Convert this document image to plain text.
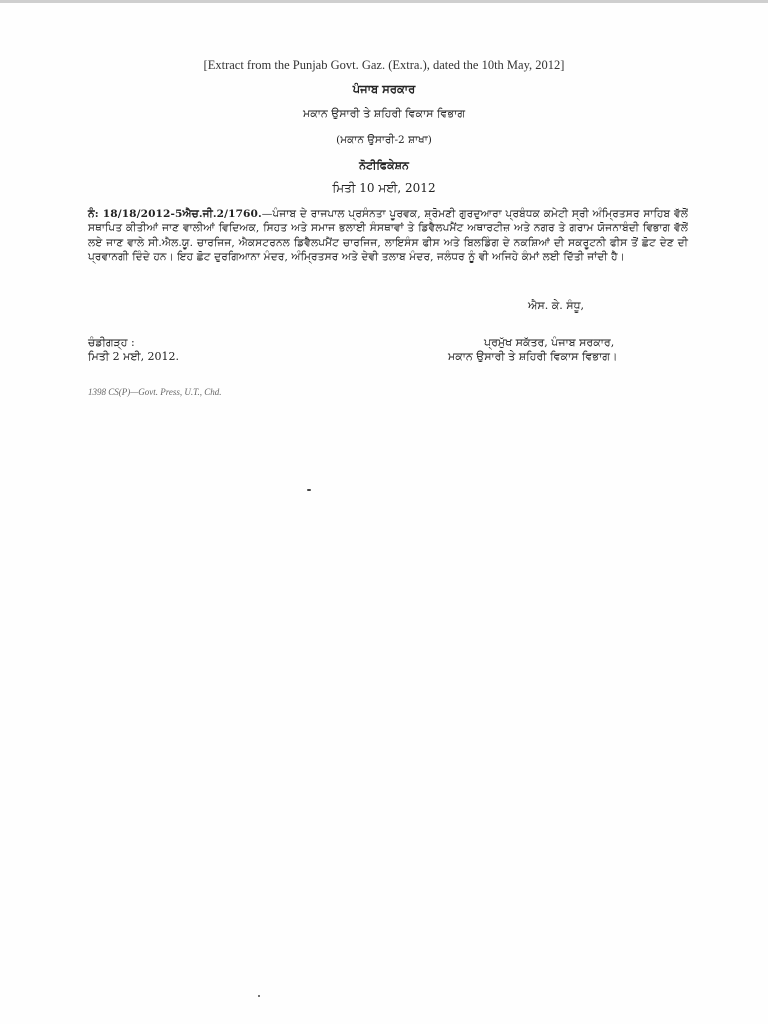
[Extract from the Punjab Govt. Gaz. (Extra.), dated the 10th May, 2012]
ਪੰਜਾਬ ਸਰਕਾਰ
ਮਕਾਨ ਉਸਾਰੀ ਤੇ ਸ਼ਹਿਰੀ ਵਿਕਾਸ ਵਿਭਾਗ
(ਮਕਾਨ ਉਸਾਰੀ-2 ਸ਼ਾਖਾ)
ਨੋਟੀਫਿਕੇਸ਼ਨ
ਮਿਤੀ 10 ਮਈ, 2012
ਨੰ: 18/18/2012-5ਐਚ.ਜੀ.2/1760.—ਪੰਜਾਬ ਦੇ ਰਾਜਪਾਲ ਪ੍ਰਸੰਨਤਾ ਪੂਰਵਕ, ਸ਼੍ਰੋਮਣੀ ਗੁਰਦੁਆਰਾ ਪ੍ਰਬੰਧਕ ਕਮੇਟੀ ਸ੍ਰੀ ਅੰਮ੍ਰਿਤਸਰ ਸਾਹਿਬ ਵੱਲੋਂ ਸਥਾਪਿਤ ਕੀਤੀਆਂ ਜਾਣ ਵਾਲੀਆਂ ਵਿਦਿਅਕ, ਸਿਹਤ ਅਤੇ ਸਮਾਜ ਭਲਾਈ ਸੰਸਥਾਵਾਂ ਤੇ ਡਿਵੈਲਪਮੈਂਟ ਅਥਾਰਟੀਜ਼ ਅਤੇ ਨਗਰ ਤੇ ਗਰਾਮ ਯੋਜਨਾਬੰਦੀ ਵਿਭਾਗ ਵੱਲੋਂ ਲਏ ਜਾਣ ਵਾਲੇ ਸੀ.ਐਲ.ਯੂ. ਚਾਰਜਿਜ, ਐਕਸਟਰਨਲ ਡਿਵੈਲਪਮੈਂਟ ਚਾਰਜਿਜ, ਲਾਇਸੰਸ ਫੀਸ ਅਤੇ ਬਿਲਡਿੰਗ ਦੇ ਨਕਸ਼ਿਆਂ ਦੀ ਸਕਰੂਟਨੀ ਫੀਸ ਤੋਂ ਛੋਟ ਦੇਣ ਦੀ ਪ੍ਰਵਾਨਗੀ ਦਿੰਦੇ ਹਨ। ਇਹ ਛੋਟ ਦੁਰਗਿਆਨਾ ਮੰਦਰ, ਅੰਮ੍ਰਿਤਸਰ ਅਤੇ ਦੇਵੀ ਤਲਾਬ ਮੰਦਰ, ਜਲੰਧਰ ਨੂੰ ਵੀ ਅਜਿਹੇ ਕੰਮਾਂ ਲਈ ਦਿੱਤੀ ਜਾਂਦੀ ਹੈ।
ਐਸ. ਕੇ. ਸੰਧੂ,
ਚੰਡੀਗੜ੍ਹ :
ਮਿਤੀ 2 ਮਈ, 2012.
ਪ੍ਰਮੁੱਖ ਸਕੱਤਰ, ਪੰਜਾਬ ਸਰਕਾਰ,
ਮਕਾਨ ਉਸਾਰੀ ਤੇ ਸ਼ਹਿਰੀ ਵਿਕਾਸ ਵਿਭਾਗ।
1398 CS(P)—Govt. Press, U.T., Chd.
